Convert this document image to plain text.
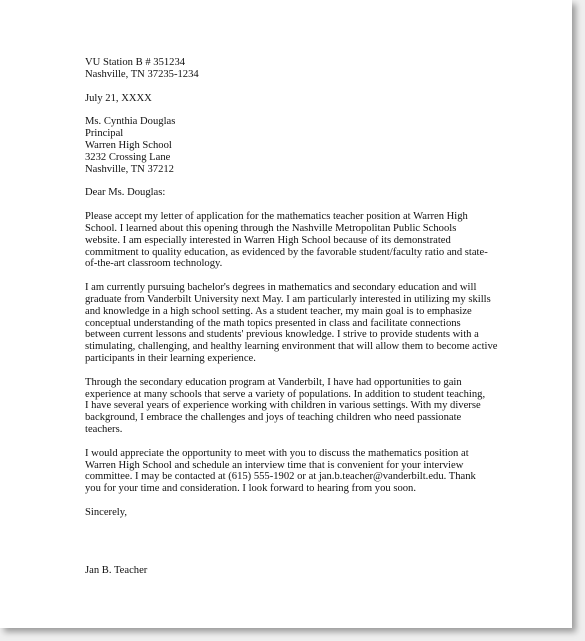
VU Station B # 351234
Nashville, TN 37235-1234
July 21, XXXX
Ms. Cynthia Douglas
Principal
Warren High School
3232 Crossing Lane
Nashville, TN 37212
Dear Ms. Douglas:
Please accept my letter of application for the mathematics teacher position at Warren High
School. I learned about this opening through the Nashville Metropolitan Public Schools
website. I am especially interested in Warren High School because of its demonstrated
commitment to quality education, as evidenced by the favorable student/faculty ratio and state-
of-the-art classroom technology.
I am currently pursuing bachelor's degrees in mathematics and secondary education and will
graduate from Vanderbilt University next May. I am particularly interested in utilizing my skills
and knowledge in a high school setting. As a student teacher, my main goal is to emphasize
conceptual understanding of the math topics presented in class and facilitate connections
between current lessons and students' previous knowledge. I strive to provide students with a
stimulating, challenging, and healthy learning environment that will allow them to become active
participants in their learning experience.
Through the secondary education program at Vanderbilt, I have had opportunities to gain
experience at many schools that serve a variety of populations. In addition to student teaching,
I have several years of experience working with children in various settings. With my diverse
background, I embrace the challenges and joys of teaching children who need passionate
teachers.
I would appreciate the opportunity to meet with you to discuss the mathematics position at
Warren High School and schedule an interview time that is convenient for your interview
committee. I may be contacted at (615) 555-1902 or at jan.b.teacher@vanderbilt.edu. Thank
you for your time and consideration. I look forward to hearing from you soon.
Sincerely,
Jan B. Teacher
